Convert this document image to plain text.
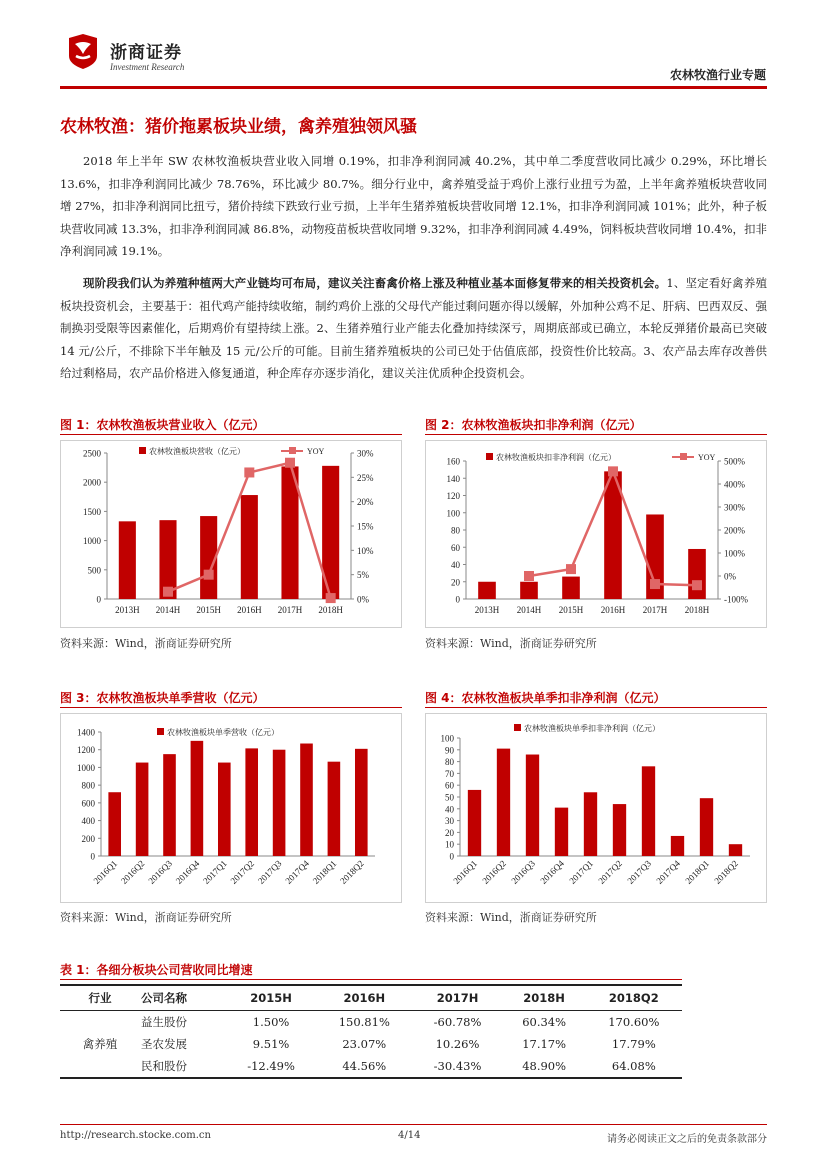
浙商证券
Investment Research
农林牧渔行业专题
农林牧渔：猪价拖累板块业绩，禽养殖独领风骚

2018 年上半年 SW 农林牧渔板块营业收入同增 0.19%，扣非净利润同减 40.2%，其中单二季度营收同比减少 0.29%，环比增长 13.6%，扣非净利润同比减少 78.76%，环比减少 80.7%。细分行业中，禽养殖受益于鸡价上涨行业扭亏为盈，上半年禽养殖板块营收同增 27%，扣非净利润同比扭亏，猪价持续下跌致行业亏损，上半年生猪养殖板块营收同增 12.1%，扣非净利润同减 101%；此外，种子板块营收同减 13.3%，扣非净利润同减 86.8%，动物疫苗板块营收同增 9.32%，扣非净利润同减 4.49%，饲料板块营收同增 10.4%，扣非净利润同减 19.1%。

现阶段我们认为养殖种植两大产业链均可布局，建议关注畜禽价格上涨及种植业基本面修复带来的相关投资机会。1、坚定看好禽养殖板块投资机会，主要基于：祖代鸡产能持续收缩，制约鸡价上涨的父母代产能过剩问题亦得以缓解，外加种公鸡不足、肝病、巴西双反、强制换羽受限等因素催化，后期鸡价有望持续上涨。2、生猪养殖行业产能去化叠加持续深亏，周期底部或已确立，本轮反弹猪价最高已突破 14 元/公斤，不排除下半年触及 15 元/公斤的可能。目前生猪养殖板块的公司已处于估值底部，投资性价比较高。3、农产品去库存改善供给过剩格局，农产品价格进入修复通道，种企库存亦逐步消化，建议关注优质种企投资机会。

图 1：农林牧渔板块营业收入（亿元）	图 2：农林牧渔板块扣非净利润（亿元）
0
500
1000
1500
2000
2500
2013H 2014H 2015H 2016H 2017H 2018H
农林牧渔板块营收（亿元）
0%
5%
10%
15%
20%
25%
30%
YOY
0
20
40
60
80
100
120
140
160
2013H 2014H 2015H 2016H 2017H 2018H
农林牧渔板块扣非净利润（亿元）
-100%
0%
100%
200%
300%
400%
500%
YOY
资料来源：Wind，浙商证券研究所	资料来源：Wind，浙商证券研究所
图 3：农林牧渔板块单季营收（亿元）	图 4：农林牧渔板块单季扣非净利润（亿元）
0
200
400
600
800
1000
1200
1400
2016Q1 2016Q2 2016Q3 2016Q4 2017Q1 2017Q2 2017Q3 2017Q4 2018Q1 2018Q2
农林牧渔板块单季营收（亿元）
0
10
20
30
40
50
60
70
80
90
100
2016Q1 2016Q2 2016Q3 2016Q4 2017Q1 2017Q2 2017Q3 2017Q4 2018Q1 2018Q2
农林牧渔板块单季扣非净利润（亿元）
资料来源：Wind，浙商证券研究所	资料来源：Wind，浙商证券研究所
表 1：各细分板块公司营收同比增速
行业	公司名称	2015H	2016H	2017H	2018H	2018Q2
禽养殖	益生股份	1.50%	150.81%	-60.78%	60.34%	170.60%
	圣农发展	9.51%	23.07%	10.26%	17.17%	17.79%
	民和股份	-12.49%	44.56%	-30.43%	48.90%	64.08%
http://research.stocke.com.cn	4/14	请务必阅读正文之后的免责条款部分
